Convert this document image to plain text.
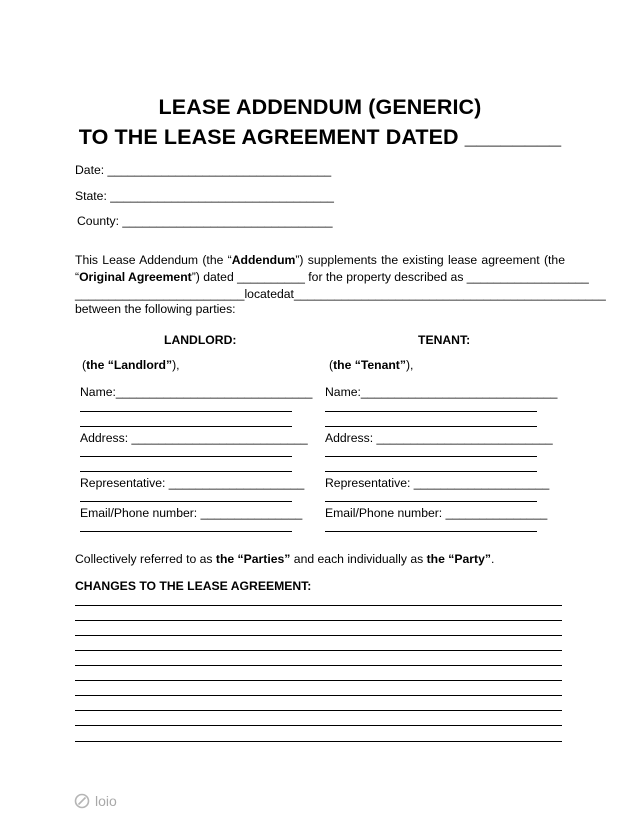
LEASE ADDENDUM (GENERIC)
TO THE LEASE AGREEMENT DATED ________
Date: _________________________________
State: _________________________________
County: _______________________________
This Lease Addendum (the “Addendum”) supplements the existing lease agreement (the
“Original Agreement”) dated __________ for the property described as __________________
_________________________ located at ______________________________________________
between the following parties:
LANDLORD:
(the “Landlord”),
Name:_____________________________
Address: __________________________
Representative: ____________________
Email/Phone number: _______________
TENANT:
(the “Tenant”),
Name:_____________________________
Address: __________________________
Representative: ____________________
Email/Phone number: _______________
Collectively referred to as the “Parties” and each individually as the “Party”.
CHANGES TO THE LEASE AGREEMENT:
loio
